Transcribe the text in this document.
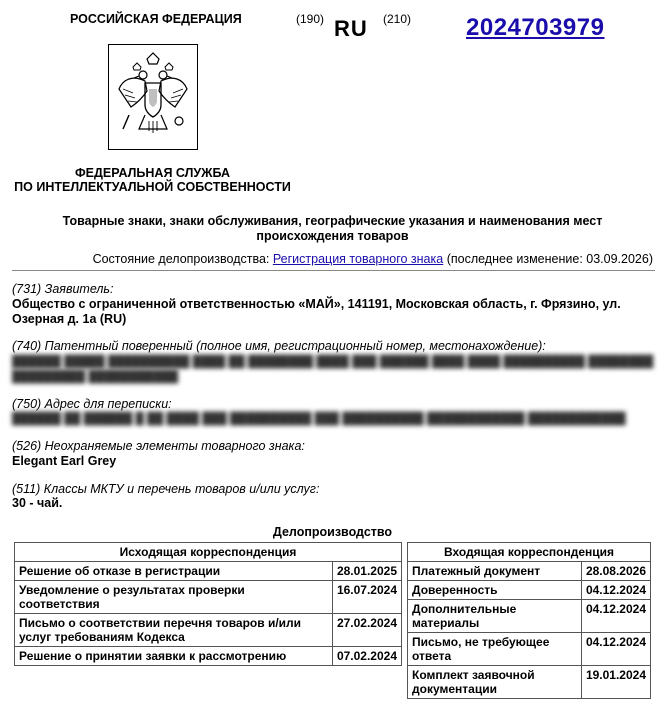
РОССИЙСКАЯ ФЕДЕРАЦИЯ	(190) RU (210) 2024703979
ФЕДЕРАЛЬНАЯ СЛУЖБА
ПО ИНТЕЛЛЕКТУАЛЬНОЙ СОБСТВЕННОСТИ
Товарные знаки, знаки обслуживания, географические указания и наименования мест происхождения товаров
Состояние делопроизводства: Регистрация товарного знака (последнее изменение: 03.09.2026)
(731) Заявитель:
Общество с ограниченной ответственностью «МАЙ», 141191, Московская область, г. Фрязино, ул. Озерная д. 1а (RU)
(740) Патентный поверенный (полное имя, регистрационный номер, местонахождение):
██████ █████ ██████████ ████ ██ ████████ ████ ███ ██████ ████ ████ ██████████ ████████
█████████ ███████████
(750) Адрес для переписки:
██████ ██ ██████ █ ██ ████ ███ ██████████ ███ ██████████ ████████████ ████████████
(526) Неохраняемые элементы товарного знака:
Elegant Earl Grey
(511) Классы МКТУ и перечень товаров и/или услуг:
30 - чай.
Делопроизводство
Исходящая корреспонденция	
Решение об отказе в регистрации	28.01.2025
Уведомление о результатах проверки соответствия	16.07.2024
Письмо о соответствии перечня товаров и/или услуг требованиям Кодекса	27.02.2024
Решение о принятии заявки к рассмотрению	07.02.2024
Входящая корреспонденция	
Платежный документ	28.08.2026
Доверенность	04.12.2024
Дополнительные материалы	04.12.2024
Письмо, не требующее ответа	04.12.2024
Комплект заявочной документации	19.01.2024
